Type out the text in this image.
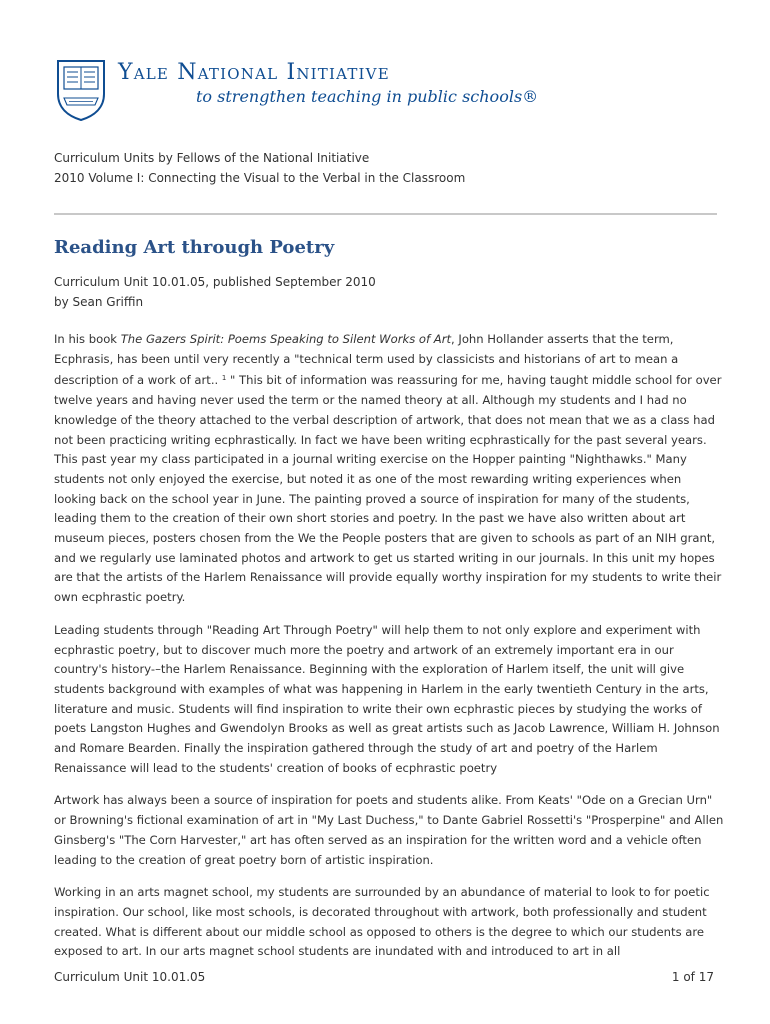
Yale National Initiative
to strengthen teaching in public schools®
Curriculum Units by Fellows of the National Initiative
2010 Volume I: Connecting the Visual to the Verbal in the Classroom
Reading Art through Poetry
Curriculum Unit 10.01.05, published September 2010
by Sean Griffin

In his book The Gazers Spirit: Poems Speaking to Silent Works of Art, John Hollander asserts that the term, Ecphrasis, has been until very recently a "technical term used by classicists and historians of art to mean a description of a work of art.. $^1$ " This bit of information was reassuring for me, having taught middle school for over twelve years and having never used the term or the named theory at all. Although my students and I had no knowledge of the theory attached to the verbal description of artwork, that does not mean that we as a class had not been practicing writing ecphrastically. In fact we have been writing ecphrastically for the past several years. This past year my class participated in a journal writing exercise on the Hopper painting "Nighthawks." Many students not only enjoyed the exercise, but noted it as one of the most rewarding writing experiences when looking back on the school year in June. The painting proved a source of inspiration for many of the students, leading them to the creation of their own short stories and poetry. In the past we have also written about art museum pieces, posters chosen from the We the People posters that are given to schools as part of an NIH grant, and we regularly use laminated photos and artwork to get us started writing in our journals. In this unit my hopes are that the artists of the Harlem Renaissance will provide equally worthy inspiration for my students to write their own ecphrastic poetry.

Leading students through "Reading Art Through Poetry" will help them to not only explore and experiment with ecphrastic poetry, but to discover much more the poetry and artwork of an extremely important era in our country's history-–the Harlem Renaissance. Beginning with the exploration of Harlem itself, the unit will give students background with examples of what was happening in Harlem in the early twentieth Century in the arts, literature and music. Students will find inspiration to write their own ecphrastic pieces by studying the works of poets Langston Hughes and Gwendolyn Brooks as well as great artists such as Jacob Lawrence, William H. Johnson and Romare Bearden. Finally the inspiration gathered through the study of art and poetry of the Harlem Renaissance will lead to the students' creation of books of ecphrastic poetry

Artwork has always been a source of inspiration for poets and students alike. From Keats' "Ode on a Grecian Urn" or Browning's fictional examination of art in "My Last Duchess," to Dante Gabriel Rossetti's "Prosperpine" and Allen Ginsberg's "The Corn Harvester," art has often served as an inspiration for the written word and a vehicle often leading to the creation of great poetry born of artistic inspiration.

Working in an arts magnet school, my students are surrounded by an abundance of material to look to for poetic inspiration. Our school, like most schools, is decorated throughout with artwork, both professionally and student created. What is different about our middle school as opposed to others is the degree to which our students are exposed to art. In our arts magnet school students are inundated with and introduced to art in all

Curriculum Unit 10.01.05	1 of 17
